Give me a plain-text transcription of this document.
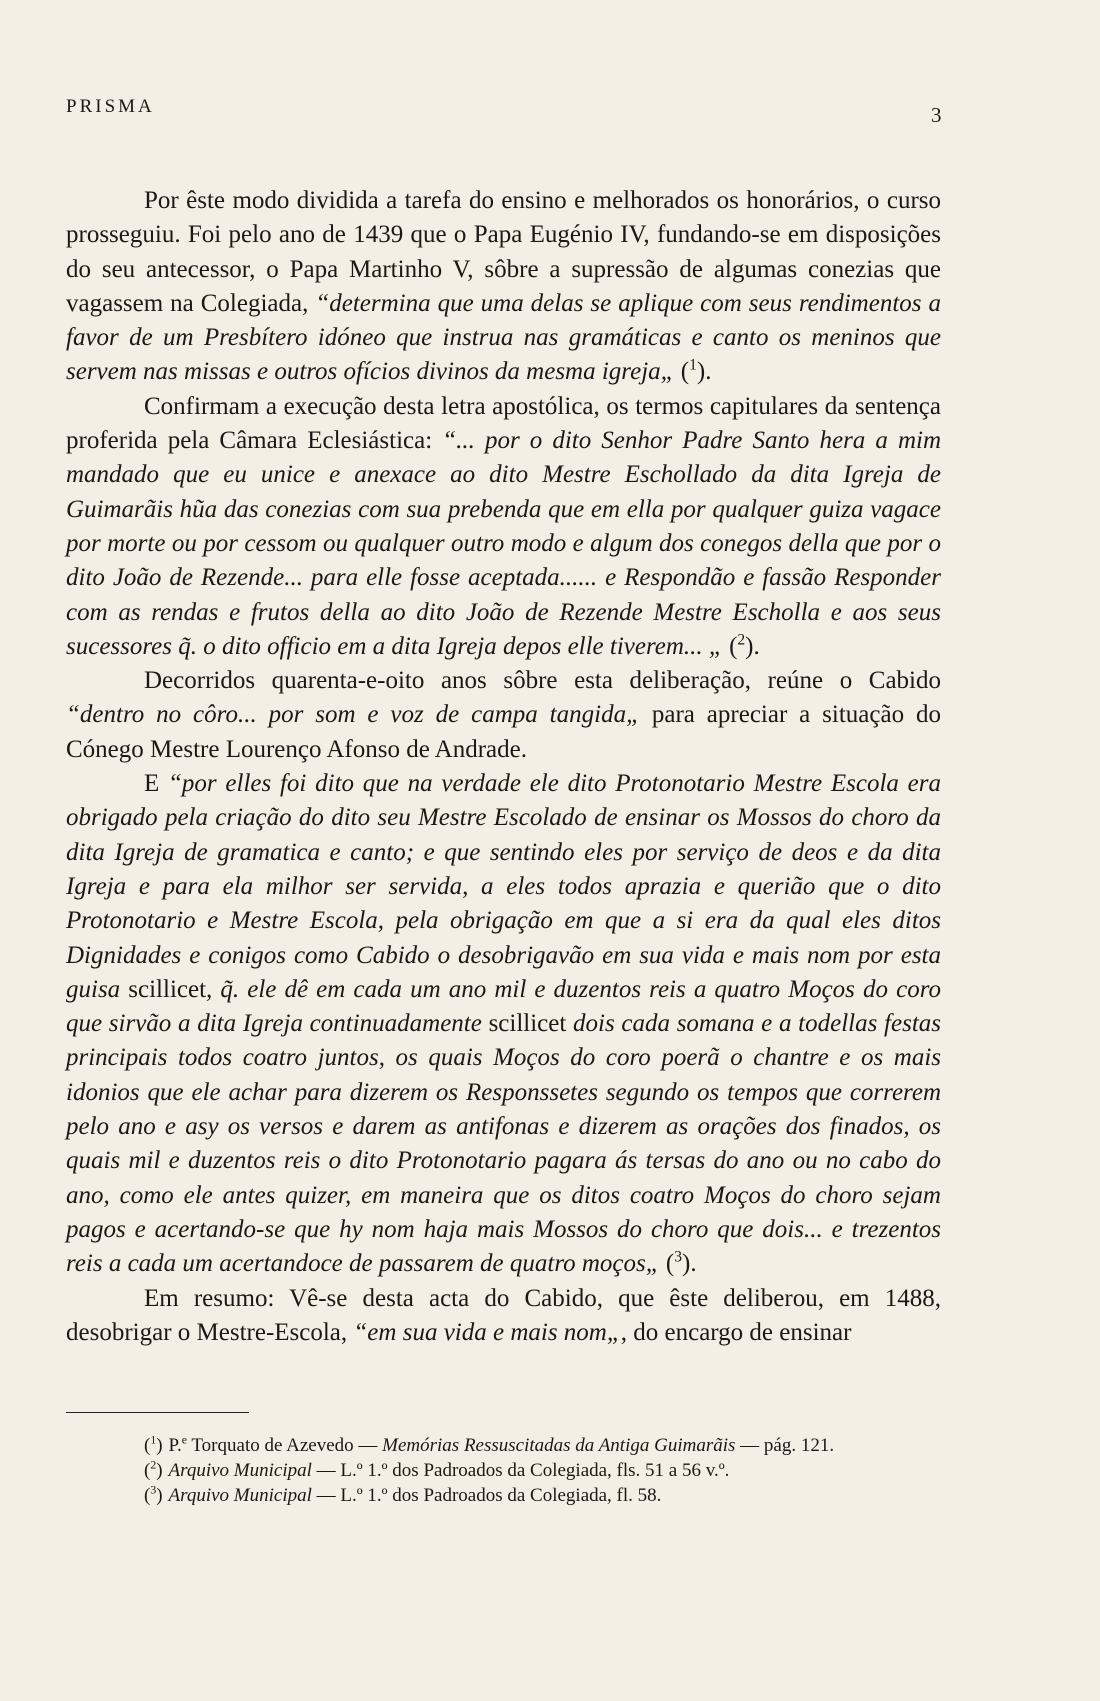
PRISMA	3

Por êste modo dividida a tarefa do ensino e melhorados os honorários, o curso prosseguiu. Foi pelo ano de 1439 que o Papa Eugénio IV, fundando-se em disposições do seu antecessor, o Papa Martinho V, sôbre a supressão de algumas conezias que vagassem na Colegiada, “determina que uma delas se aplique com seus rendimentos a favor de um Presbítero idóneo que instrua nas gramáticas e canto os meninos que servem nas missas e outros ofícios divinos da mesma igreja„ ($^1$).

Confirmam a execução desta letra apostólica, os termos capitulares da sentença proferida pela Câmara Eclesiástica: “... por o dito Senhor Padre Santo hera a mim mandado que eu unice e anexace ao dito Mestre Eschollado da dita Igreja de Guimarãis hũa das conezias com sua prebenda que em ella por qualquer guiza vagace por morte ou por cessom ou qualquer outro modo e algum dos conegos della que por o dito João de Rezende... para elle fosse aceptada...... e Respondão e fassão Responder com as rendas e frutos della ao dito João de Rezende Mestre Escholla e aos seus sucessores q̃. o dito officio em a dita Igreja depos elle tiverem... „ ($^2$).

Decorridos quarenta-e-oito anos sôbre esta deliberação, reúne o Cabido “dentro no côro... por som e voz de campa tangida„ para apreciar a situação do Cónego Mestre Lourenço Afonso de Andrade.

E “por elles foi dito que na verdade ele dito Protonotario Mestre Escola era obrigado pela criação do dito seu Mestre Escolado de ensinar os Mossos do choro da dita Igreja de gramatica e canto; e que sentindo eles por serviço de deos e da dita Igreja e para ela milhor ser servida, a eles todos aprazia e querião que o dito Protonotario e Mestre Escola, pela obrigação em que a si era da qual eles ditos Dignidades e conigos como Cabido o desobrigavão em sua vida e mais nom por esta guisa scillicet, q̃. ele dê em cada um ano mil e duzentos reis a quatro Moços do coro que sirvão a dita Igreja continuadamente scillicet dois cada somana e a todellas festas principais todos coatro juntos, os quais Moços do coro poerã o chantre e os mais idonios que ele achar para dizerem os Responssetes segundo os tempos que correrem pelo ano e asy os versos e darem as antifonas e dizerem as orações dos finados, os quais mil e duzentos reis o dito Protonotario pagara ás tersas do ano ou no cabo do ano, como ele antes quizer, em maneira que os ditos coatro Moços do choro sejam pagos e acertando-se que hy nom haja mais Mossos do choro que dois... e trezentos reis a cada um acertandoce de passarem de quatro moços„ ($^3$).

Em resumo: Vê-se desta acta do Cabido, que êste deliberou, em 1488, desobrigar o Mestre-Escola, “em sua vida e mais nom„, do encargo de ensinar

($^1$) P.$^e$ Torquato de Azevedo — Memórias Ressuscitadas da Antiga Guimarãis — pág. 121.

($^2$) Arquivo Municipal — L.º 1.º dos Padroados da Colegiada, fls. 51 a 56 v.º.

($^3$) Arquivo Municipal — L.º 1.º dos Padroados da Colegiada, fl. 58.
